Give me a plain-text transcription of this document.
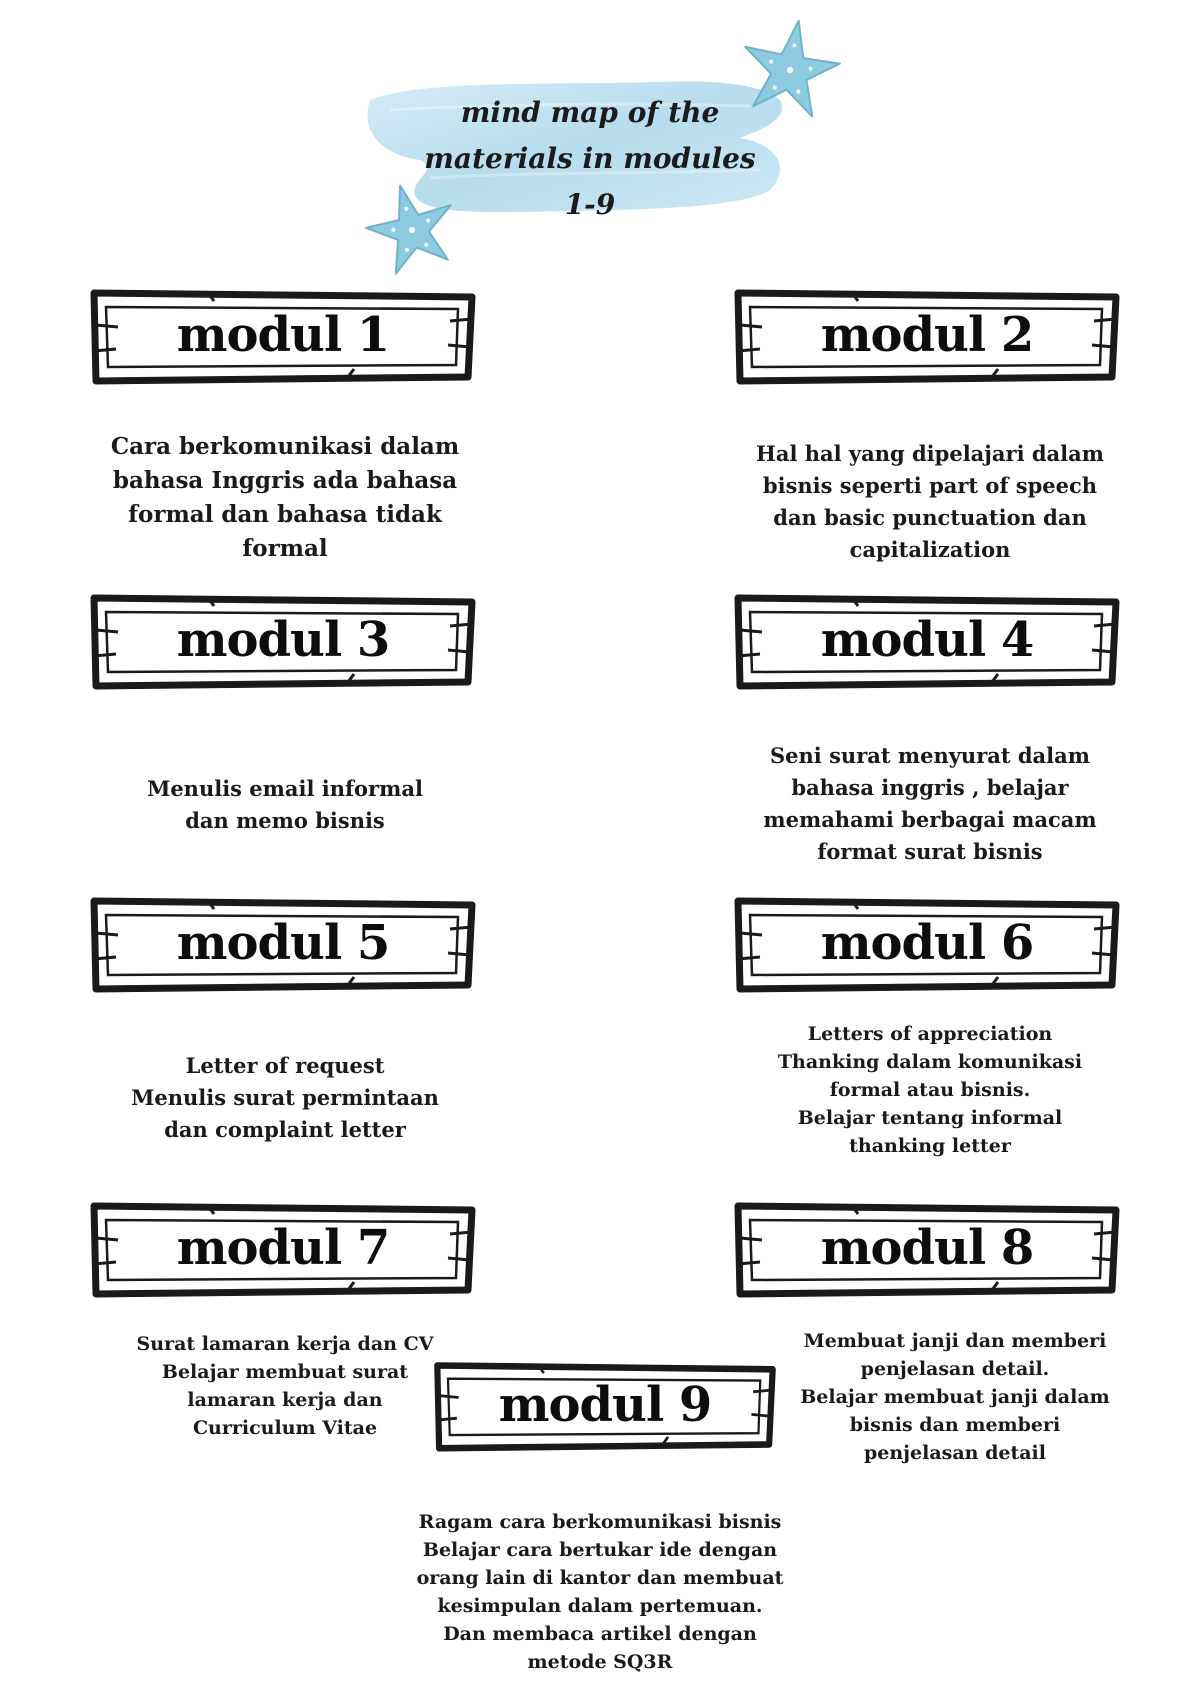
mind map of the
materials in modules
1-9
modul 1	modul 2
Cara berkomunikasi dalam
bahasa Inggris ada bahasa
formal dan bahasa tidak
formal
Hal hal yang dipelajari dalam
bisnis seperti part of speech
dan basic punctuation dan
capitalization
modul 3	modul 4
Menulis email informal
dan memo bisnis
Seni surat menyurat dalam
bahasa inggris , belajar
memahami berbagai macam
format surat bisnis
modul 5	modul 6
Letter of request
Menulis surat permintaan
dan complaint letter
Letters of appreciation
Thanking dalam komunikasi
formal atau bisnis.
Belajar tentang informal
thanking letter
modul 7	modul 8
Surat lamaran kerja dan CV
Belajar membuat surat
lamaran kerja dan
Curriculum Vitae
Membuat janji dan memberi
penjelasan detail.
Belajar membuat janji dalam
bisnis dan memberi
penjelasan detail
modul 9
Ragam cara berkomunikasi bisnis
Belajar cara bertukar ide dengan
orang lain di kantor dan membuat
kesimpulan dalam pertemuan.
Dan membaca artikel dengan
metode SQ3R
